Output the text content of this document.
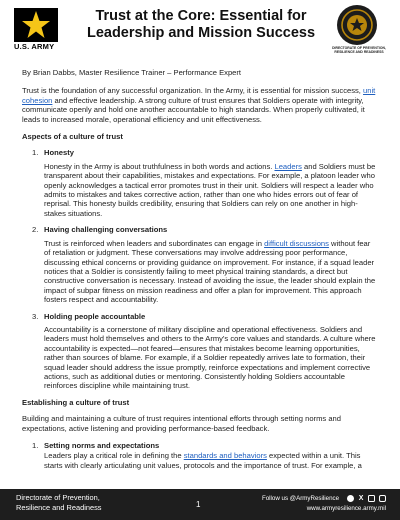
U.S. ARMY
Trust at the Core: Essential for Leadership and Mission Success
DIRECTORATE OF PREVENTION, RESILIENCE AND READINESS

By Brian Dabbs, Master Resilience Trainer – Performance Expert

Trust is the foundation of any successful organization. In the Army, it is essential for mission success, unit cohesion and effective leadership. A strong culture of trust ensures that Soldiers operate with integrity, communicate openly and hold one another accountable to high standards. When properly cultivated, it leads to increased morale, operational efficiency and unit effectiveness.

Aspects of a culture of trust

1. Honesty

Honesty in the Army is about truthfulness in both words and actions. Leaders and Soldiers must be transparent about their capabilities, mistakes and expectations. For example, a platoon leader who openly acknowledges a tactical error promotes trust in their unit. Soldiers will respect a leader who admits to mistakes and takes corrective action, rather than one who hides errors out of fear of reprisal. This honesty builds credibility, ensuring that Soldiers can rely on one another in high-stakes situations.

2. Having challenging conversations

Trust is reinforced when leaders and subordinates can engage in difficult discussions without fear of retaliation or judgment. These conversations may involve addressing poor performance, discussing ethical concerns or providing guidance on improvement. For instance, if a squad leader notices that a Soldier is consistently failing to meet physical training standards, a direct but constructive conversation is necessary. Instead of avoiding the issue, the leader should explain the impact of subpar fitness on mission readiness and offer a plan for improvement. This approach fosters respect and accountability.

3. Holding people accountable

Accountability is a cornerstone of military discipline and operational effectiveness. Soldiers and leaders must hold themselves and others to the Army's core values and standards. A culture where accountability is expected—not feared—ensures that mistakes become learning opportunities, rather than sources of blame. For example, if a Soldier repeatedly arrives late to formation, their squad leader should address the issue promptly, reinforce expectations and implement corrective actions, such as additional duties or mentoring. Consistently holding Soldiers accountable reinforces discipline while maintaining trust.

Establishing a culture of trust

Building and maintaining a culture of trust requires intentional efforts through setting norms and expectations, active listening and providing performance-based feedback.

1. Setting norms and expectations

Leaders play a critical role in defining the standards and behaviors expected within a unit. This starts with clearly articulating unit values, protocols and the importance of trust. For example, a

Directorate of Prevention,
Resilience and Readiness	1
Follow us @ArmyResilience	X
www.armyresilience.army.mil
